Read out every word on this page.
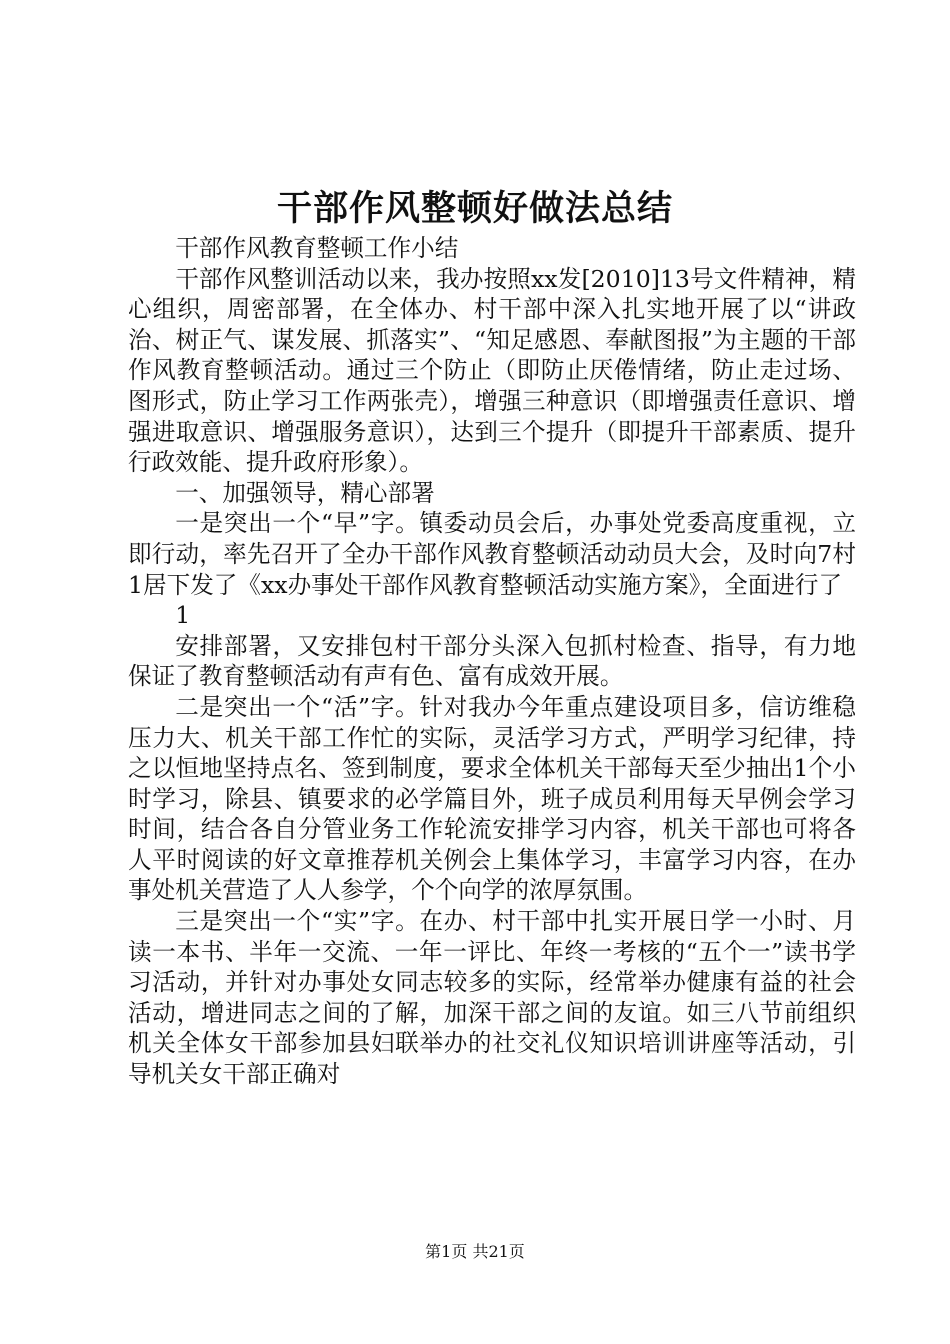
干部作风整顿好做法总结

干部作风教育整顿工作小结

干部作风整训活动以来，我办按照xx发[2010]13号文件精神，精心组织，周密部署，在全体办、村干部中深入扎实地开展了以“讲政治、树正气、谋发展、抓落实”、“知足感恩、奉献图报”为主题的干部作风教育整顿活动。通过三个防止（即防止厌倦情绪，防止走过场、图形式，防止学习工作两张壳），增强三种意识（即增强责任意识、增强进取意识、增强服务意识），达到三个提升（即提升干部素质、提升行政效能、提升政府形象）。

一、加强领导，精心部署

一是突出一个“早”字。镇委动员会后，办事处党委高度重视，立即行动，率先召开了全办干部作风教育整顿活动动员大会，及时向7村1居下发了《xx办事处干部作风教育整顿活动实施方案》，全面进行了

1

安排部署，又安排包村干部分头深入包抓村检查、指导，有力地保证了教育整顿活动有声有色、富有成效开展。

二是突出一个“活”字。针对我办今年重点建设项目多，信访维稳压力大、机关干部工作忙的实际，灵活学习方式，严明学习纪律，持之以恒地坚持点名、签到制度，要求全体机关干部每天至少抽出1个小时学习，除县、镇要求的必学篇目外，班子成员利用每天早例会学习时间，结合各自分管业务工作轮流安排学习内容，机关干部也可将各人平时阅读的好文章推荐机关例会上集体学习，丰富学习内容，在办事处机关营造了人人参学，个个向学的浓厚氛围。

三是突出一个“实”字。在办、村干部中扎实开展日学一小时、月读一本书、半年一交流、一年一评比、年终一考核的“五个一”读书学习活动，并针对办事处女同志较多的实际，经常举办健康有益的社会活动，增进同志之间的了解，加深干部之间的友谊。如三八节前组织机关全体女干部参加县妇联举办的社交礼仪知识培训讲座等活动，引导机关女干部正确对

第1页 共21页
